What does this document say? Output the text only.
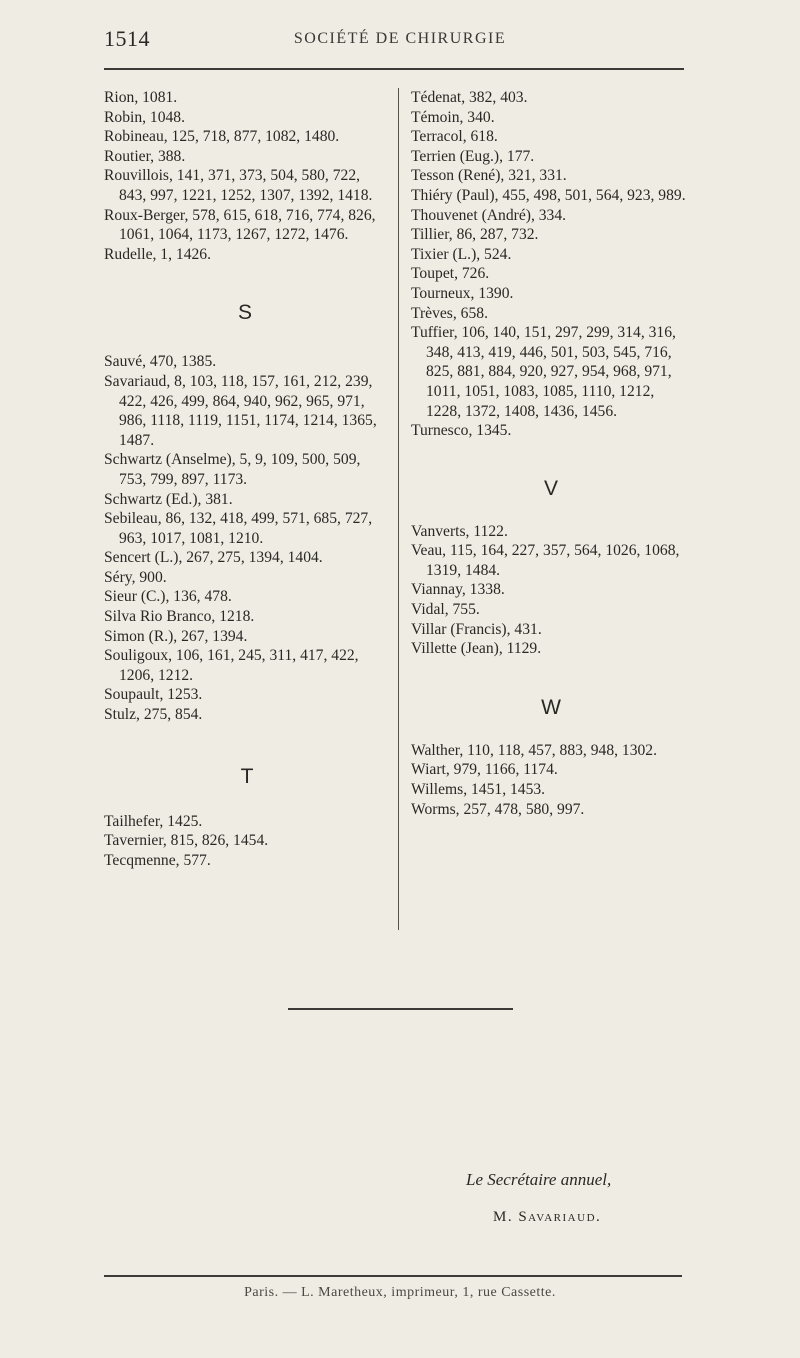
1514	SOCIÉTÉ DE CHIRURGIE

Rion, 1081.

Robin, 1048.

Robineau, 125, 718, 877, 1082, 1480.

Routier, 388.

Rouvillois, 141, 371, 373, 504, 580, 722, 843, 997, 1221, 1252, 1307, 1392, 1418.

Roux-Berger, 578, 615, 618, 716, 774, 826, 1061, 1064, 1173, 1267, 1272, 1476.

Rudelle, 1, 1426.

S

Sauvé, 470, 1385.

Savariaud, 8, 103, 118, 157, 161, 212, 239, 422, 426, 499, 864, 940, 962, 965, 971, 986, 1118, 1119, 1151, 1174, 1214, 1365, 1487.

Schwartz (Anselme), 5, 9, 109, 500, 509, 753, 799, 897, 1173.

Schwartz (Ed.), 381.

Sebileau, 86, 132, 418, 499, 571, 685, 727, 963, 1017, 1081, 1210.

Sencert (L.), 267, 275, 1394, 1404.

Séry, 900.

Sieur (C.), 136, 478.

Silva Rio Branco, 1218.

Simon (R.), 267, 1394.

Souligoux, 106, 161, 245, 311, 417, 422, 1206, 1212.

Soupault, 1253.

Stulz, 275, 854.

T

Tailhefer, 1425.

Tavernier, 815, 826, 1454.

Tecqmenne, 577.

Tédenat, 382, 403.

Témoin, 340.

Terracol, 618.

Terrien (Eug.), 177.

Tesson (René), 321, 331.

Thiéry (Paul), 455, 498, 501, 564, 923, 989.

Thouvenet (André), 334.

Tillier, 86, 287, 732.

Tixier (L.), 524.

Toupet, 726.

Tourneux, 1390.

Trèves, 658.

Tuffier, 106, 140, 151, 297, 299, 314, 316, 348, 413, 419, 446, 501, 503, 545, 716, 825, 881, 884, 920, 927, 954, 968, 971, 1011, 1051, 1083, 1085, 1110, 1212, 1228, 1372, 1408, 1436, 1456.

Turnesco, 1345.

V

Vanverts, 1122.

Veau, 115, 164, 227, 357, 564, 1026, 1068, 1319, 1484.

Viannay, 1338.

Vidal, 755.

Villar (Francis), 431.

Villette (Jean), 1129.

W

Walther, 110, 118, 457, 883, 948, 1302.

Wiart, 979, 1166, 1174.

Willems, 1451, 1453.

Worms, 257, 478, 580, 997.

Le Secrétaire annuel,
M. Savariaud.
Paris. — L. Maretheux, imprimeur, 1, rue Cassette.
